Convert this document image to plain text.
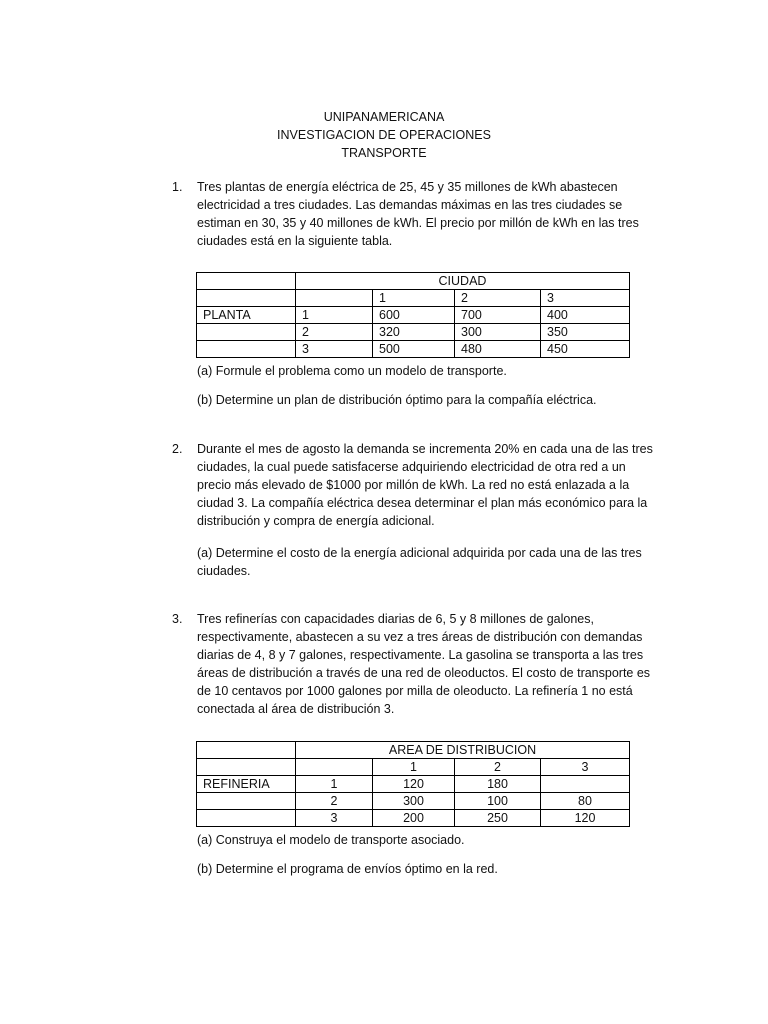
UNIPANAMERICANA
INVESTIGACION DE OPERACIONES
TRANSPORTE
1. Tres plantas de energía eléctrica de 25, 45 y 35 millones de kWh abastecen electricidad a tres ciudades. Las demandas máximas en las tres ciudades se estiman en 30, 35 y 40 millones de kWh. El precio por millón de kWh en las tres ciudades está en la siguiente tabla.
	CIUDAD			
		1	2	3
PLANTA	1	600	700	400
	2	320	300	350
	3	500	480	450
(a) Formule el problema como un modelo de transporte.
(b) Determine un plan de distribución óptimo para la compañía eléctrica.
2. Durante el mes de agosto la demanda se incrementa 20% en cada una de las tres ciudades, la cual puede satisfacerse adquiriendo electricidad de otra red a un precio más elevado de $1000 por millón de kWh. La red no está enlazada a la ciudad 3. La compañía eléctrica desea determinar el plan más económico para la distribución y compra de energía adicional.
(a) Determine el costo de la energía adicional adquirida por cada una de las tres ciudades.
3. Tres refinerías con capacidades diarias de 6, 5 y 8 millones de galones, respectivamente, abastecen a su vez a tres áreas de distribución con demandas diarias de 4, 8 y 7 galones, respectivamente. La gasolina se transporta a las tres áreas de distribución a través de una red de oleoductos. El costo de transporte es de 10 centavos por 1000 galones por milla de oleoducto. La refinería 1 no está conectada al área de distribución 3.
	AREA DE DISTRIBUCION			
		1	2	3
REFINERIA	1	120	180	
	2	300	100	80
	3	200	250	120
(a) Construya el modelo de transporte asociado.
(b) Determine el programa de envíos óptimo en la red.
